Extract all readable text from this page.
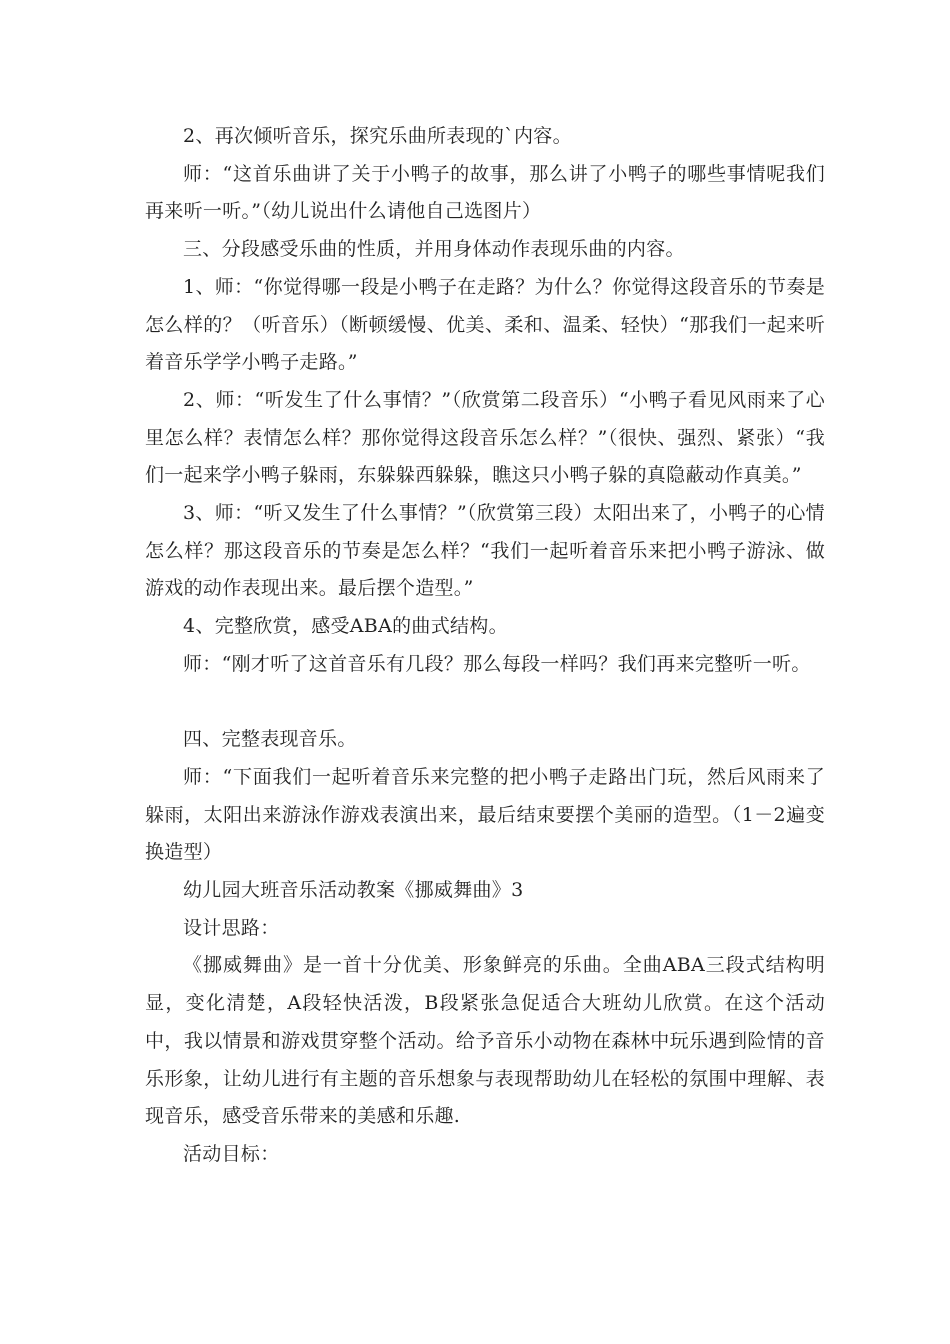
2、再次倾听音乐，探究乐曲所表现的`内容。

师：“这首乐曲讲了关于小鸭子的故事，那么讲了小鸭子的哪些事情呢我们再来听一听。”（幼儿说出什么请他自己选图片）

三、分段感受乐曲的性质，并用身体动作表现乐曲的内容。

1、师：“你觉得哪一段是小鸭子在走路？为什么？你觉得这段音乐的节奏是怎么样的？（听音乐）（断顿缓慢、优美、柔和、温柔、轻快）“那我们一起来听着音乐学学小鸭子走路。”

2、师：“听发生了什么事情？”（欣赏第二段音乐）“小鸭子看见风雨来了心里怎么样？表情怎么样？那你觉得这段音乐怎么样？”（很快、强烈、紧张）“我们一起来学小鸭子躲雨，东躲躲西躲躲，瞧这只小鸭子躲的真隐蔽动作真美。”

3、师：“听又发生了什么事情？”（欣赏第三段）太阳出来了，小鸭子的心情怎么样？那这段音乐的节奏是怎么样？“我们一起听着音乐来把小鸭子游泳、做游戏的动作表现出来。最后摆个造型。”

4、完整欣赏，感受ABA的曲式结构。

师：“刚才听了这首音乐有几段？那么每段一样吗？我们再来完整听一听。

四、完整表现音乐。

师：“下面我们一起听着音乐来完整的把小鸭子走路出门玩，然后风雨来了躲雨，太阳出来游泳作游戏表演出来，最后结束要摆个美丽的造型。（1－2遍变换造型）

幼儿园大班音乐活动教案《挪威舞曲》3

设计思路：

《挪威舞曲》是一首十分优美、形象鲜亮的乐曲。全曲ABA三段式结构明显，变化清楚，A段轻快活泼，B段紧张急促适合大班幼儿欣赏。在这个活动中，我以情景和游戏贯穿整个活动。给予音乐小动物在森林中玩乐遇到险情的音乐形象，让幼儿进行有主题的音乐想象与表现帮助幼儿在轻松的氛围中理解、表现音乐，感受音乐带来的美感和乐趣.

活动目标：
